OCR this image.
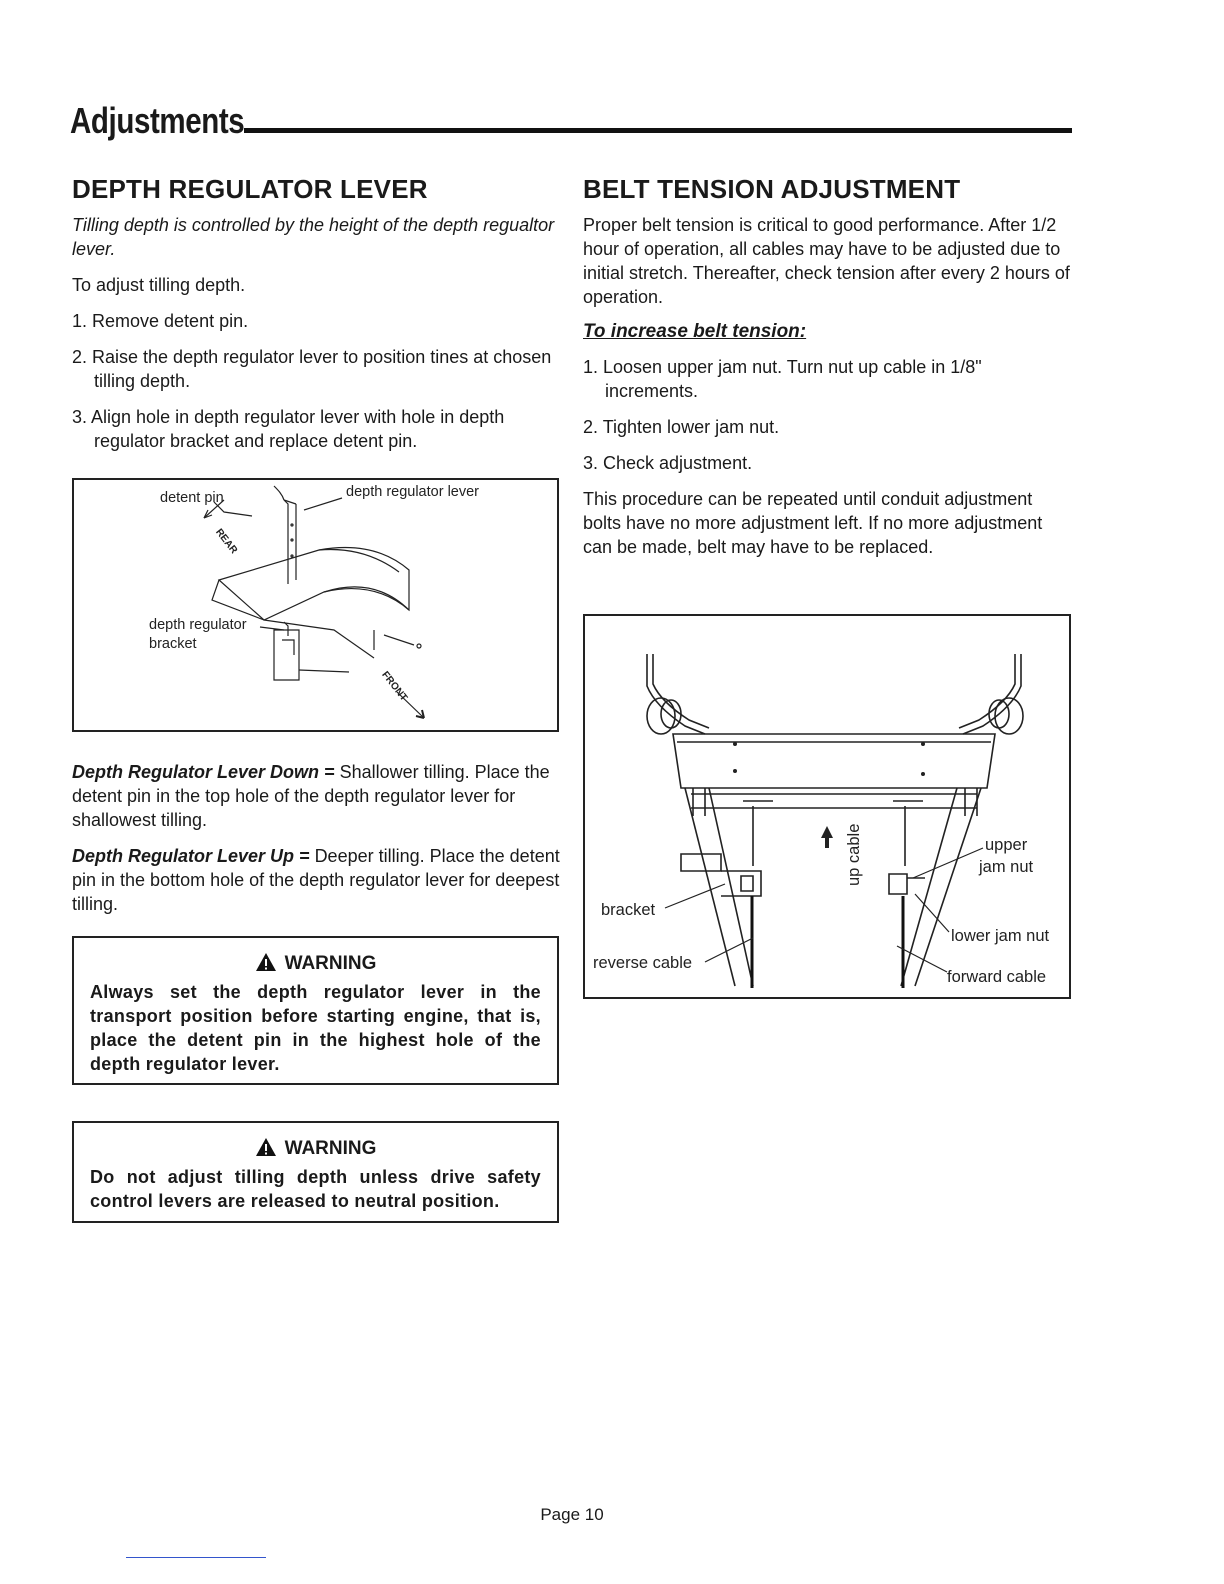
Adjustments
DEPTH REGULATOR LEVER

Tilling depth is controlled by the height of the depth regualtor lever.

To adjust tilling depth.

1. Remove detent pin.
2. Raise the depth regulator lever to position tines at chosen tilling depth.
3. Align hole in depth regulator lever with hole in depth regulator bracket and replace detent pin.
detent pin	depth regulator lever
depth regulator
bracket
REAR
FRONT

Depth Regulator Lever Down = Shallower tilling. Place the detent pin in the top hole of the depth regulator lever for shallowest tilling.

Depth Regulator Lever Up = Deeper tilling. Place the detent pin in the bottom hole of the depth regulator lever for deepest tilling.

WARNING
Always set the depth regulator lever in the transport position before starting engine, that is, place the detent pin in the highest hole of the depth regulator lever.
WARNING
Do not adjust tilling depth unless drive safety control levers are released to neutral position.
BELT TENSION ADJUSTMENT

Proper belt tension is critical to good performance. After 1/2 hour of operation, all cables may have to be adjusted due to initial stretch. Thereafter, check tension after every 2 hours of operation.

To increase belt tension:
1. Loosen upper jam nut. Turn nut up cable in 1/8" increments.
2. Tighten lower jam nut.
3. Check adjustment.

This procedure can be repeated until conduit adjustment bolts have no more adjustment left. If no more adjustment can be made, belt may have to be replaced.

upper
jam nut
up cable
bracket
lower jam nut
reverse cable
forward cable
Page 10
